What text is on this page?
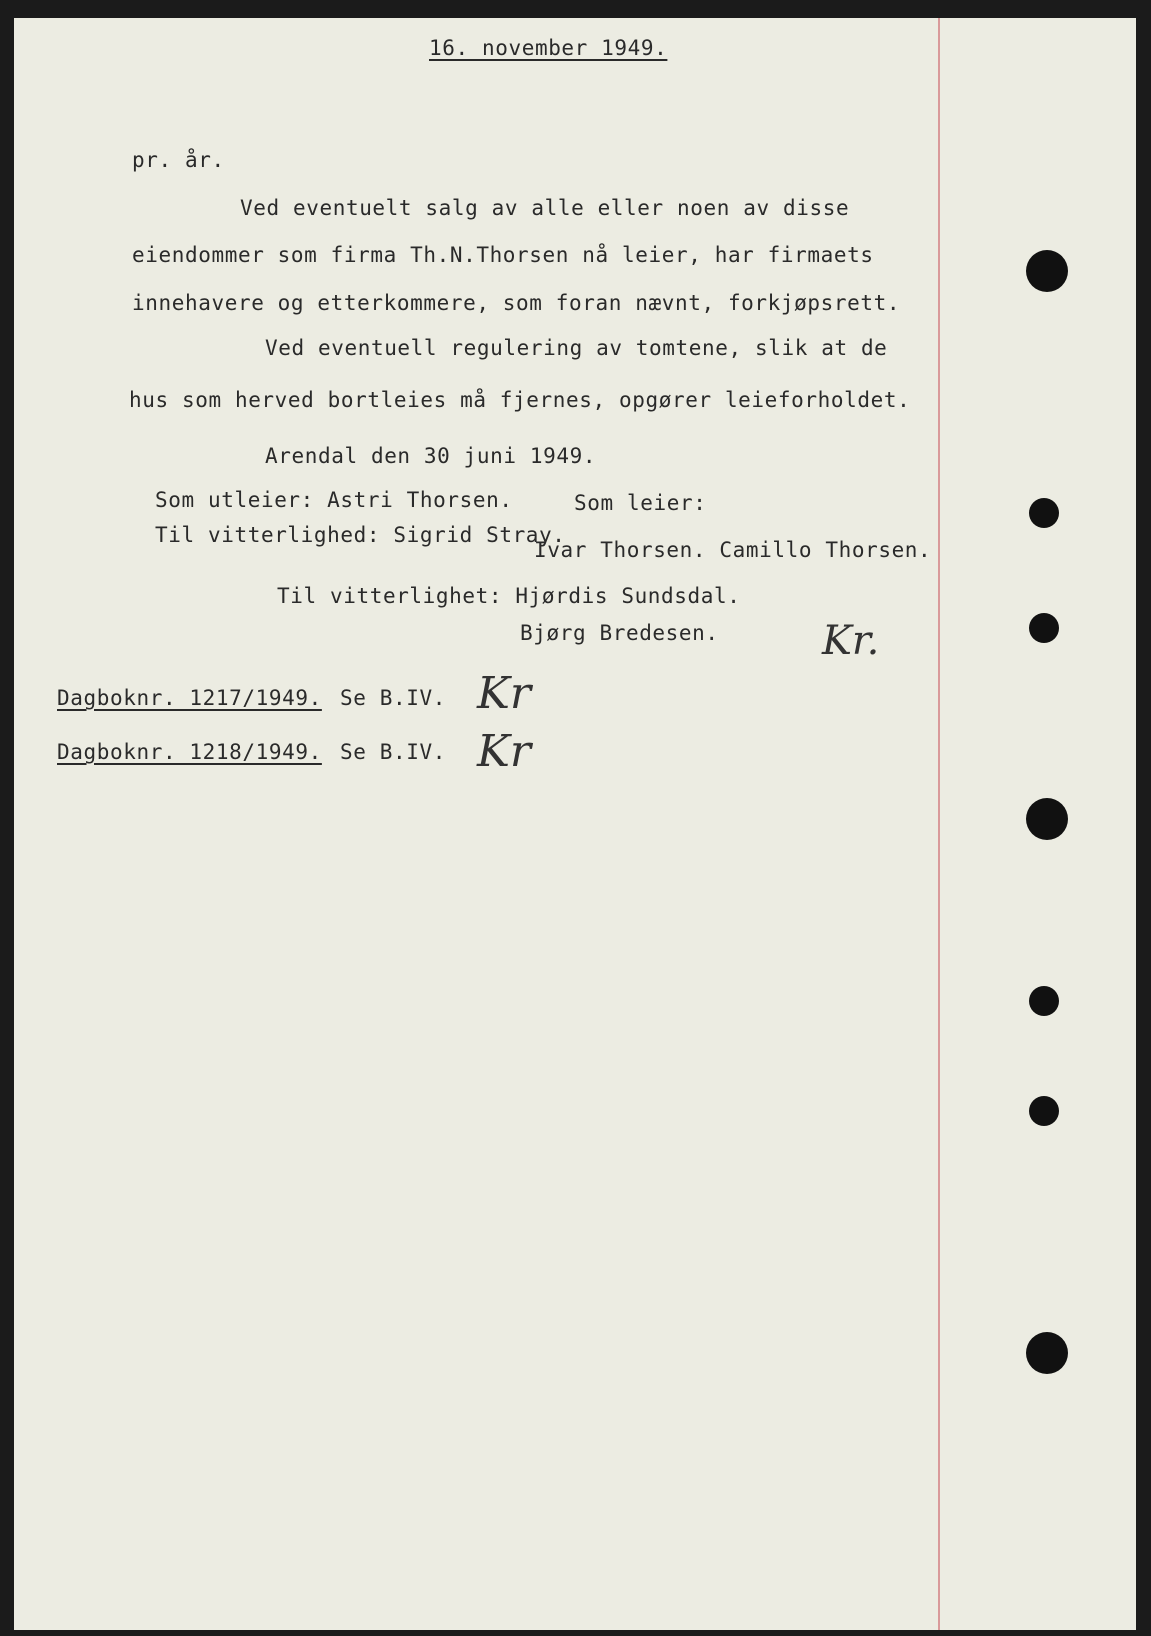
16. november 1949.
pr. år.
Ved eventuelt salg av alle eller noen av disse
eiendommer som firma Th.N.Thorsen nå leier, har firmaets
innehavere og etterkommere, som foran nævnt, forkjøpsrett.
Ved eventuell regulering av tomtene, slik at de
hus som herved bortleies må fjernes, opgører leieforholdet.
Arendal den 30 juni 1949.
Som utleier: Astri Thorsen.	Som leier:
Til vitterlighed: Sigrid Stray.
Ivar Thorsen. Camillo Thorsen.
Til vitterlighet: Hjørdis Sundsdal.
Bjørg Bredesen.	Kr.
Dagboknr. 1217/1949. Se B.IV. Kr
Dagboknr. 1218/1949. Se B.IV. Kr
